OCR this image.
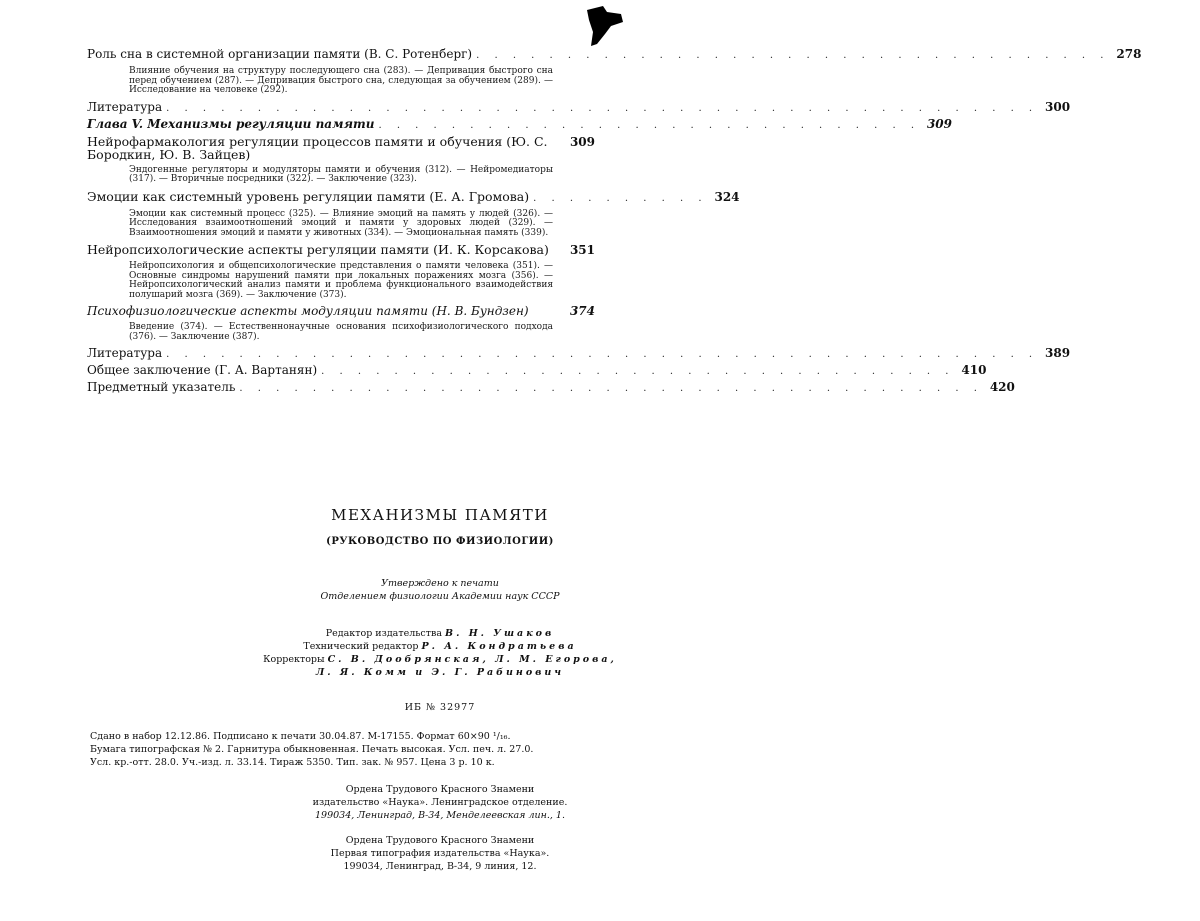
Роль сна в системной организации памяти (В. С. Ротенберг) . . . . . . . . . . . . . . . . . . . . . . . . . . . . . . . . . . . 278
Влияние обучения на структуру последующего сна (283). — Депривация быстрого сна перед обучением (287). — Депривация быстрого сна, следующая за обучением (289). — Исследование на человеке (292).
Литература . . . . . . . . . . . . . . . . . . . . . . . . . . . . . . . . . . . . . . . . . . . . . . . . 300
Глава V. Механизмы регуляции памяти . . . . . . . . . . . . . . . . . . . . . . . . . . . . . . 309
Нейрофармакология регуляции процессов памяти и обучения (Ю. С. Бородкин, Ю. В. Зайцев)
309
Эндогенные регуляторы и модуляторы памяти и обучения (312). — Нейромедиаторы (317). — Вторичные посредники (322). — Заключение (323).
Эмоции как системный уровень регуляции памяти (Е. А. Громова) . . . . . . . . . . 324
Эмоции как системный процесс (325). — Влияние эмоций на память у людей (326). — Исследования взаимоотношений эмоций и памяти у здоровых людей (329). — Взаимоотношения эмоций и памяти у животных (334). — Эмоциональная память (339).
Нейропсихологические аспекты регуляции памяти (И. К. Корсакова) 351
Нейропсихология и общепсихологические представления о памяти человека (351). — Основные синдромы нарушений памяти при локальных поражениях мозга (356). — Нейропсихологический анализ памяти и проблема функционального взаимодействия полушарий мозга (369). — Заключение (373).
Психофизиологические аспекты модуляции памяти (Н. В. Бундзен)	374
Введение (374). — Естественнонаучные основания психофизиологического подхода (376). — Заключение (387).
Литература . . . . . . . . . . . . . . . . . . . . . . . . . . . . . . . . . . . . . . . . . . . . . . . . 389
Общее заключение (Г. А. Вартанян) . . . . . . . . . . . . . . . . . . . . . . . . . . . . . . . . . . . 410
Предметный указатель . . . . . . . . . . . . . . . . . . . . . . . . . . . . . . . . . . . . . . . . . 420
МЕХАНИЗМЫ ПАМЯТИ
(РУКОВОДСТВО ПО ФИЗИОЛОГИИ)
Утверждено к печати
Отделением физиологии Академии наук СССР
Редактор издательства В. Н. Ушаков
Технический редактор Р. А. Кондратьева
Корректоры С. В. Дообрянская, Л. М. Егорова,
Л. Я. Комм и Э. Г. Рабинович
ИБ № 32977
Сдано в набор 12.12.86. Подписано к печати 30.04.87. М-17155. Формат 60×90 ¹/₁₆.
Бумага типографская № 2. Гарнитура обыкновенная. Печать высокая. Усл. печ. л. 27.0.
Усл. кр.-отт. 28.0. Уч.-изд. л. 33.14. Тираж 5350. Тип. зак. № 957. Цена 3 р. 10 к.
Ордена Трудового Красного Знамени
издательство «Наука». Ленинградское отделение.
199034, Ленинград, В-34, Менделеевская лин., 1.
Ордена Трудового Красного Знамени
Первая типография издательства «Наука».
199034, Ленинград, В-34, 9 линия, 12.
